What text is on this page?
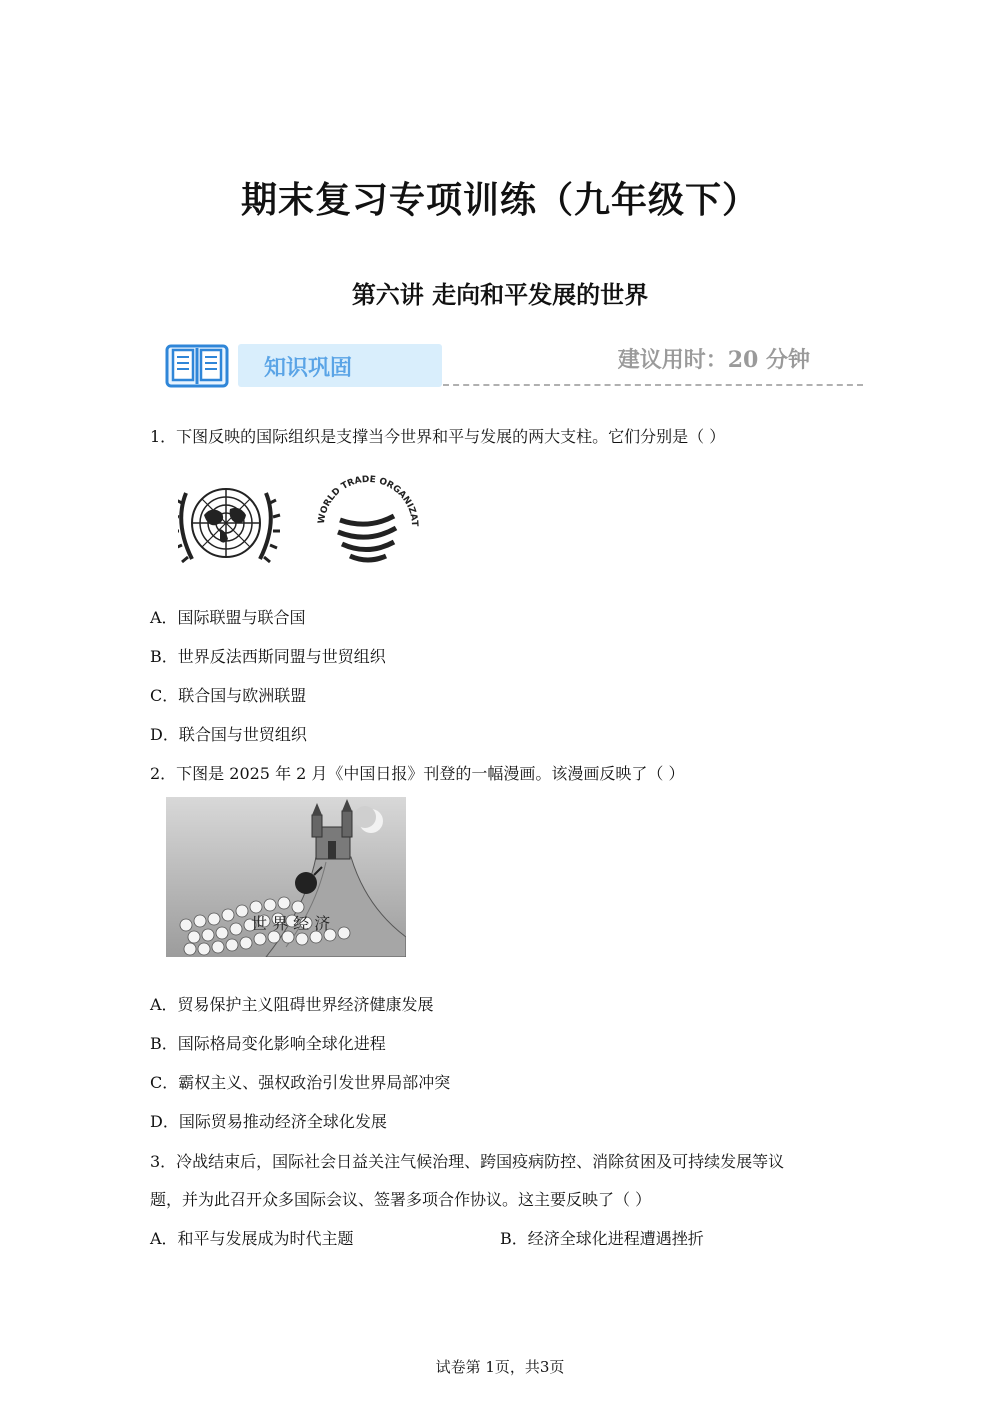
期末复习专项训练（九年级下）
第六讲 走向和平发展的世界
知识巩固	建议用时：20 分钟
1．下图反映的国际组织是支撑当今世界和平与发展的两大支柱。它们分别是（ ）
WORLD TRADE ORGANIZATION
A．国际联盟与联合国
B．世界反法西斯同盟与世贸组织
C．联合国与欧洲联盟
D．联合国与世贸组织
2．下图是 2025 年 2 月《中国日报》刊登的一幅漫画。该漫画反映了（ ）
世 界 经 济
A．贸易保护主义阻碍世界经济健康发展
B．国际格局变化影响全球化进程
C．霸权主义、强权政治引发世界局部冲突
D．国际贸易推动经济全球化发展
3．冷战结束后，国际社会日益关注气候治理、跨国疫病防控、消除贫困及可持续发展等议
题，并为此召开众多国际会议、签署多项合作协议。这主要反映了（ ）
A．和平与发展成为时代主题	B．经济全球化进程遭遇挫折
试卷第 1页，共3页
